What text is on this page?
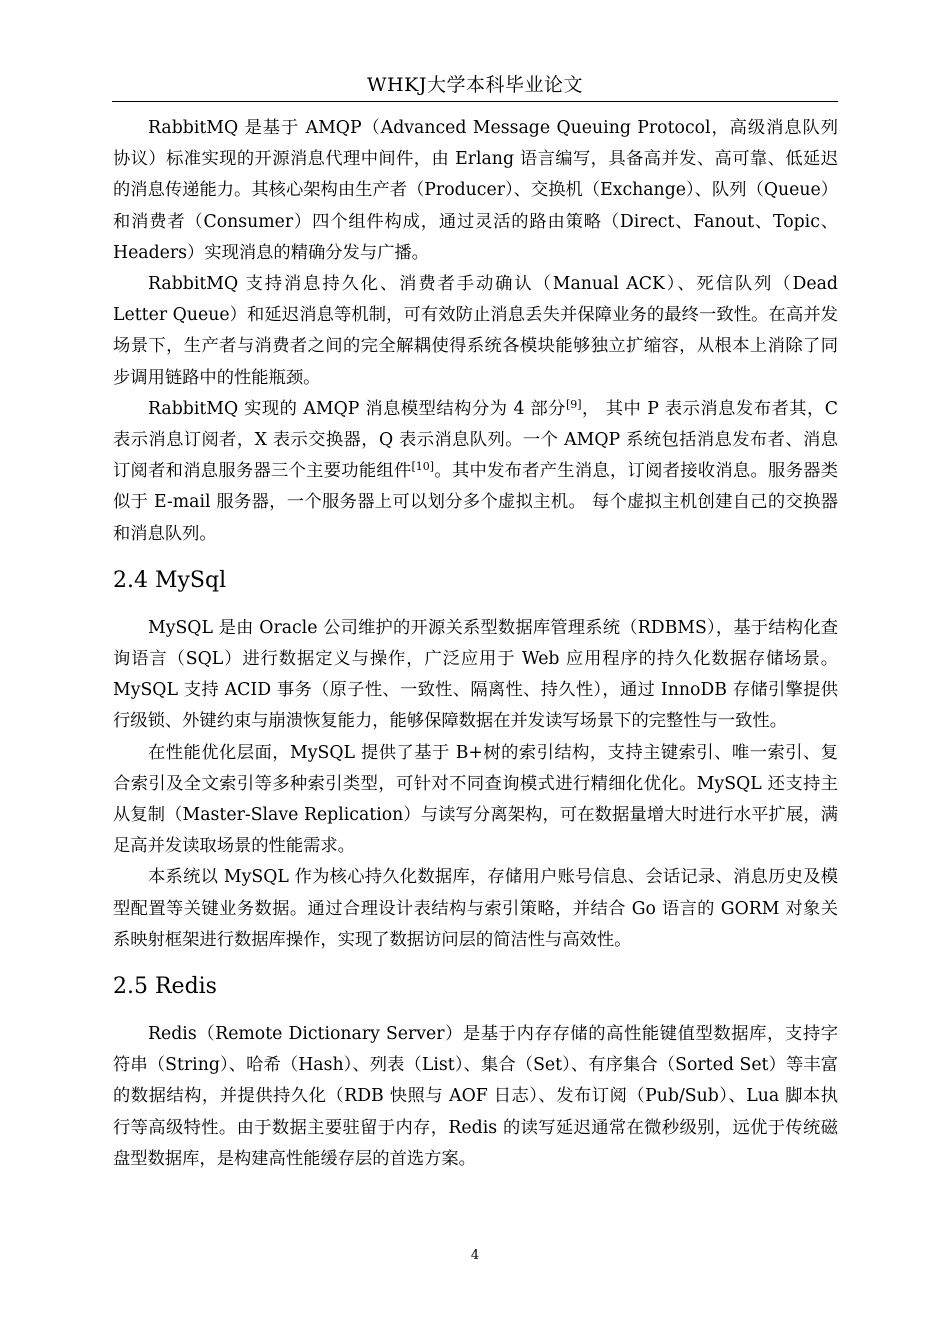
WHKJ大学本科毕业论文

RabbitMQ 是基于 AMQP（Advanced Message Queuing Protocol，高级消息队列协议）标准实现的开源消息代理中间件，由 Erlang 语言编写，具备高并发、高可靠、低延迟的消息传递能力。其核心架构由生产者（Producer）、交换机（Exchange）、队列（Queue）和消费者（Consumer）四个组件构成，通过灵活的路由策略（Direct、Fanout、Topic、Headers）实现消息的精确分发与广播。

RabbitMQ 支持消息持久化、消费者手动确认（Manual ACK）、死信队列（Dead Letter Queue）和延迟消息等机制，可有效防止消息丢失并保障业务的最终一致性。在高并发场景下，生产者与消费者之间的完全解耦使得系统各模块能够独立扩缩容，从根本上消除了同步调用链路中的性能瓶颈。

RabbitMQ 实现的 AMQP 消息模型结构分为 4 部分[9]， 其中 P 表示消息发布者其，C 表示消息订阅者，X 表示交换器，Q 表示消息队列。一个 AMQP 系统包括消息发布者、消息订阅者和消息服务器三个主要功能组件[10]。其中发布者产生消息，订阅者接收消息。服务器类似于 E-mail 服务器，一个服务器上可以划分多个虚拟主机。 每个虚拟主机创建自己的交换器和消息队列。

2.4 MySql

MySQL 是由 Oracle 公司维护的开源关系型数据库管理系统（RDBMS），基于结构化查询语言（SQL）进行数据定义与操作，广泛应用于 Web 应用程序的持久化数据存储场景。MySQL 支持 ACID 事务（原子性、一致性、隔离性、持久性），通过 InnoDB 存储引擎提供行级锁、外键约束与崩溃恢复能力，能够保障数据在并发读写场景下的完整性与一致性。

在性能优化层面，MySQL 提供了基于 B+树的索引结构，支持主键索引、唯一索引、复合索引及全文索引等多种索引类型，可针对不同查询模式进行精细化优化。MySQL 还支持主从复制（Master-Slave Replication）与读写分离架构，可在数据量增大时进行水平扩展，满足高并发读取场景的性能需求。

本系统以 MySQL 作为核心持久化数据库，存储用户账号信息、会话记录、消息历史及模型配置等关键业务数据。通过合理设计表结构与索引策略，并结合 Go 语言的 GORM 对象关系映射框架进行数据库操作，实现了数据访问层的简洁性与高效性。

2.5 Redis

Redis（Remote Dictionary Server）是基于内存存储的高性能键值型数据库，支持字符串（String）、哈希（Hash）、列表（List）、集合（Set）、有序集合（Sorted Set）等丰富的数据结构，并提供持久化（RDB 快照与 AOF 日志）、发布订阅（Pub/Sub）、Lua 脚本执行等高级特性。由于数据主要驻留于内存，Redis 的读写延迟通常在微秒级别，远优于传统磁盘型数据库，是构建高性能缓存层的首选方案。

4
